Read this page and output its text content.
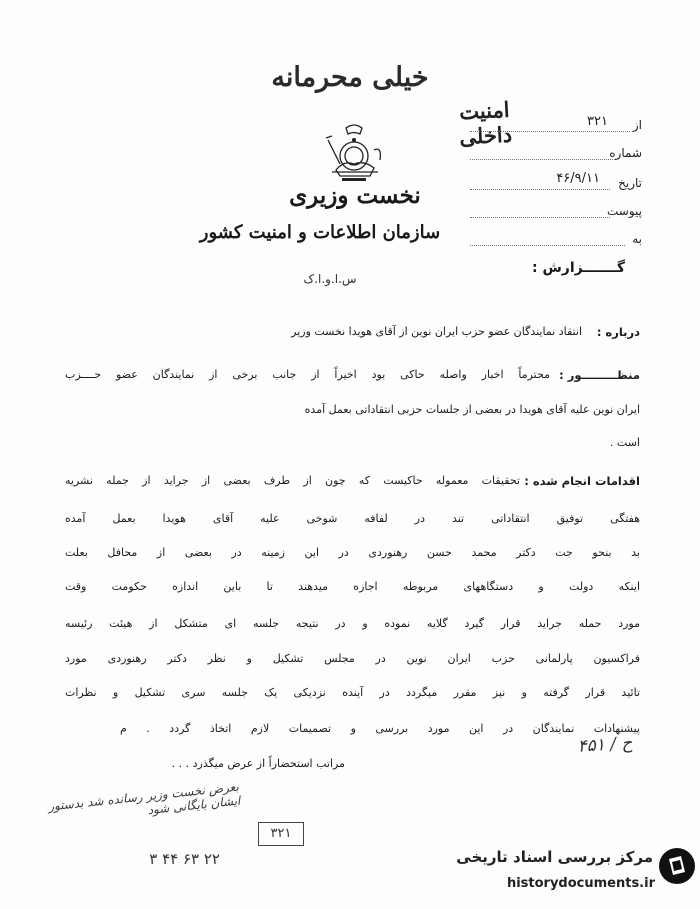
خیلی محرمانه
امنیت داخلی
نخست وزیری
سازمان اطلاعات و امنیت کشور
س.ا.و.ا.ک
از
۳۲۱
شماره
تاریخ
۴۶/۹/۱۱
پیوست
به
گـــــــزارش :
درباره :
انتقاد نمایندگان عضو حزب ایران نوین از آقای هویدا نخست وزیر
منظـــــــــور :
محترماً اخبار واصله حاکی بود اخیراً از جانب برخی از نمایندگان عضو حــــزب
ایران نوین علیه آقای هویدا در بعضی از جلسات حزبی انتقاداتی بعمل آمده
است .
اقدامات انجام شده :
تحقیقات معموله حاکیست که چون از طرف بعضی از جراید از جمله نشریه
هفتگی توفیق انتقاداتی تند در لفافه شوخی علیه آقای هویدا بعمل آمده
بد بنحو جت دکتر محمد حسن رهنوردی در این زمینه در بعضی از محافل بعلت
اینکه دولت و دستگاههای مربوطه اجازه میدهند تا باین اندازه حکومت وقت
مورد حمله جراید قرار گیرد گلایه نموده و در نتیجه جلسه ای متشکل از هیئت رئیسه
فراکسیون پارلمانی حزب ایران نوین در مجلس تشکیل و نظر دکتر رهنوردی مورد
تائید قرار گرفته و نیز مقرر میگردد در آینده نزدیکی یک جلسه سری تشکیل و نظرات
پیشنهادات نمایندگان در این مورد بررسی و تصمیمات لازم اتخاذ گردد . م
مراتب استحضاراً از عرض میگذرد . . .
ح / ۴۵۱
بعرض نخست وزیر رسانده شد بدستور ایشان بایگانی شود
۲۲ ۶۳ ۴۴ ۳
۳۲۱
مرکز بررسی اسناد تاریخی
historydocuments.ir
